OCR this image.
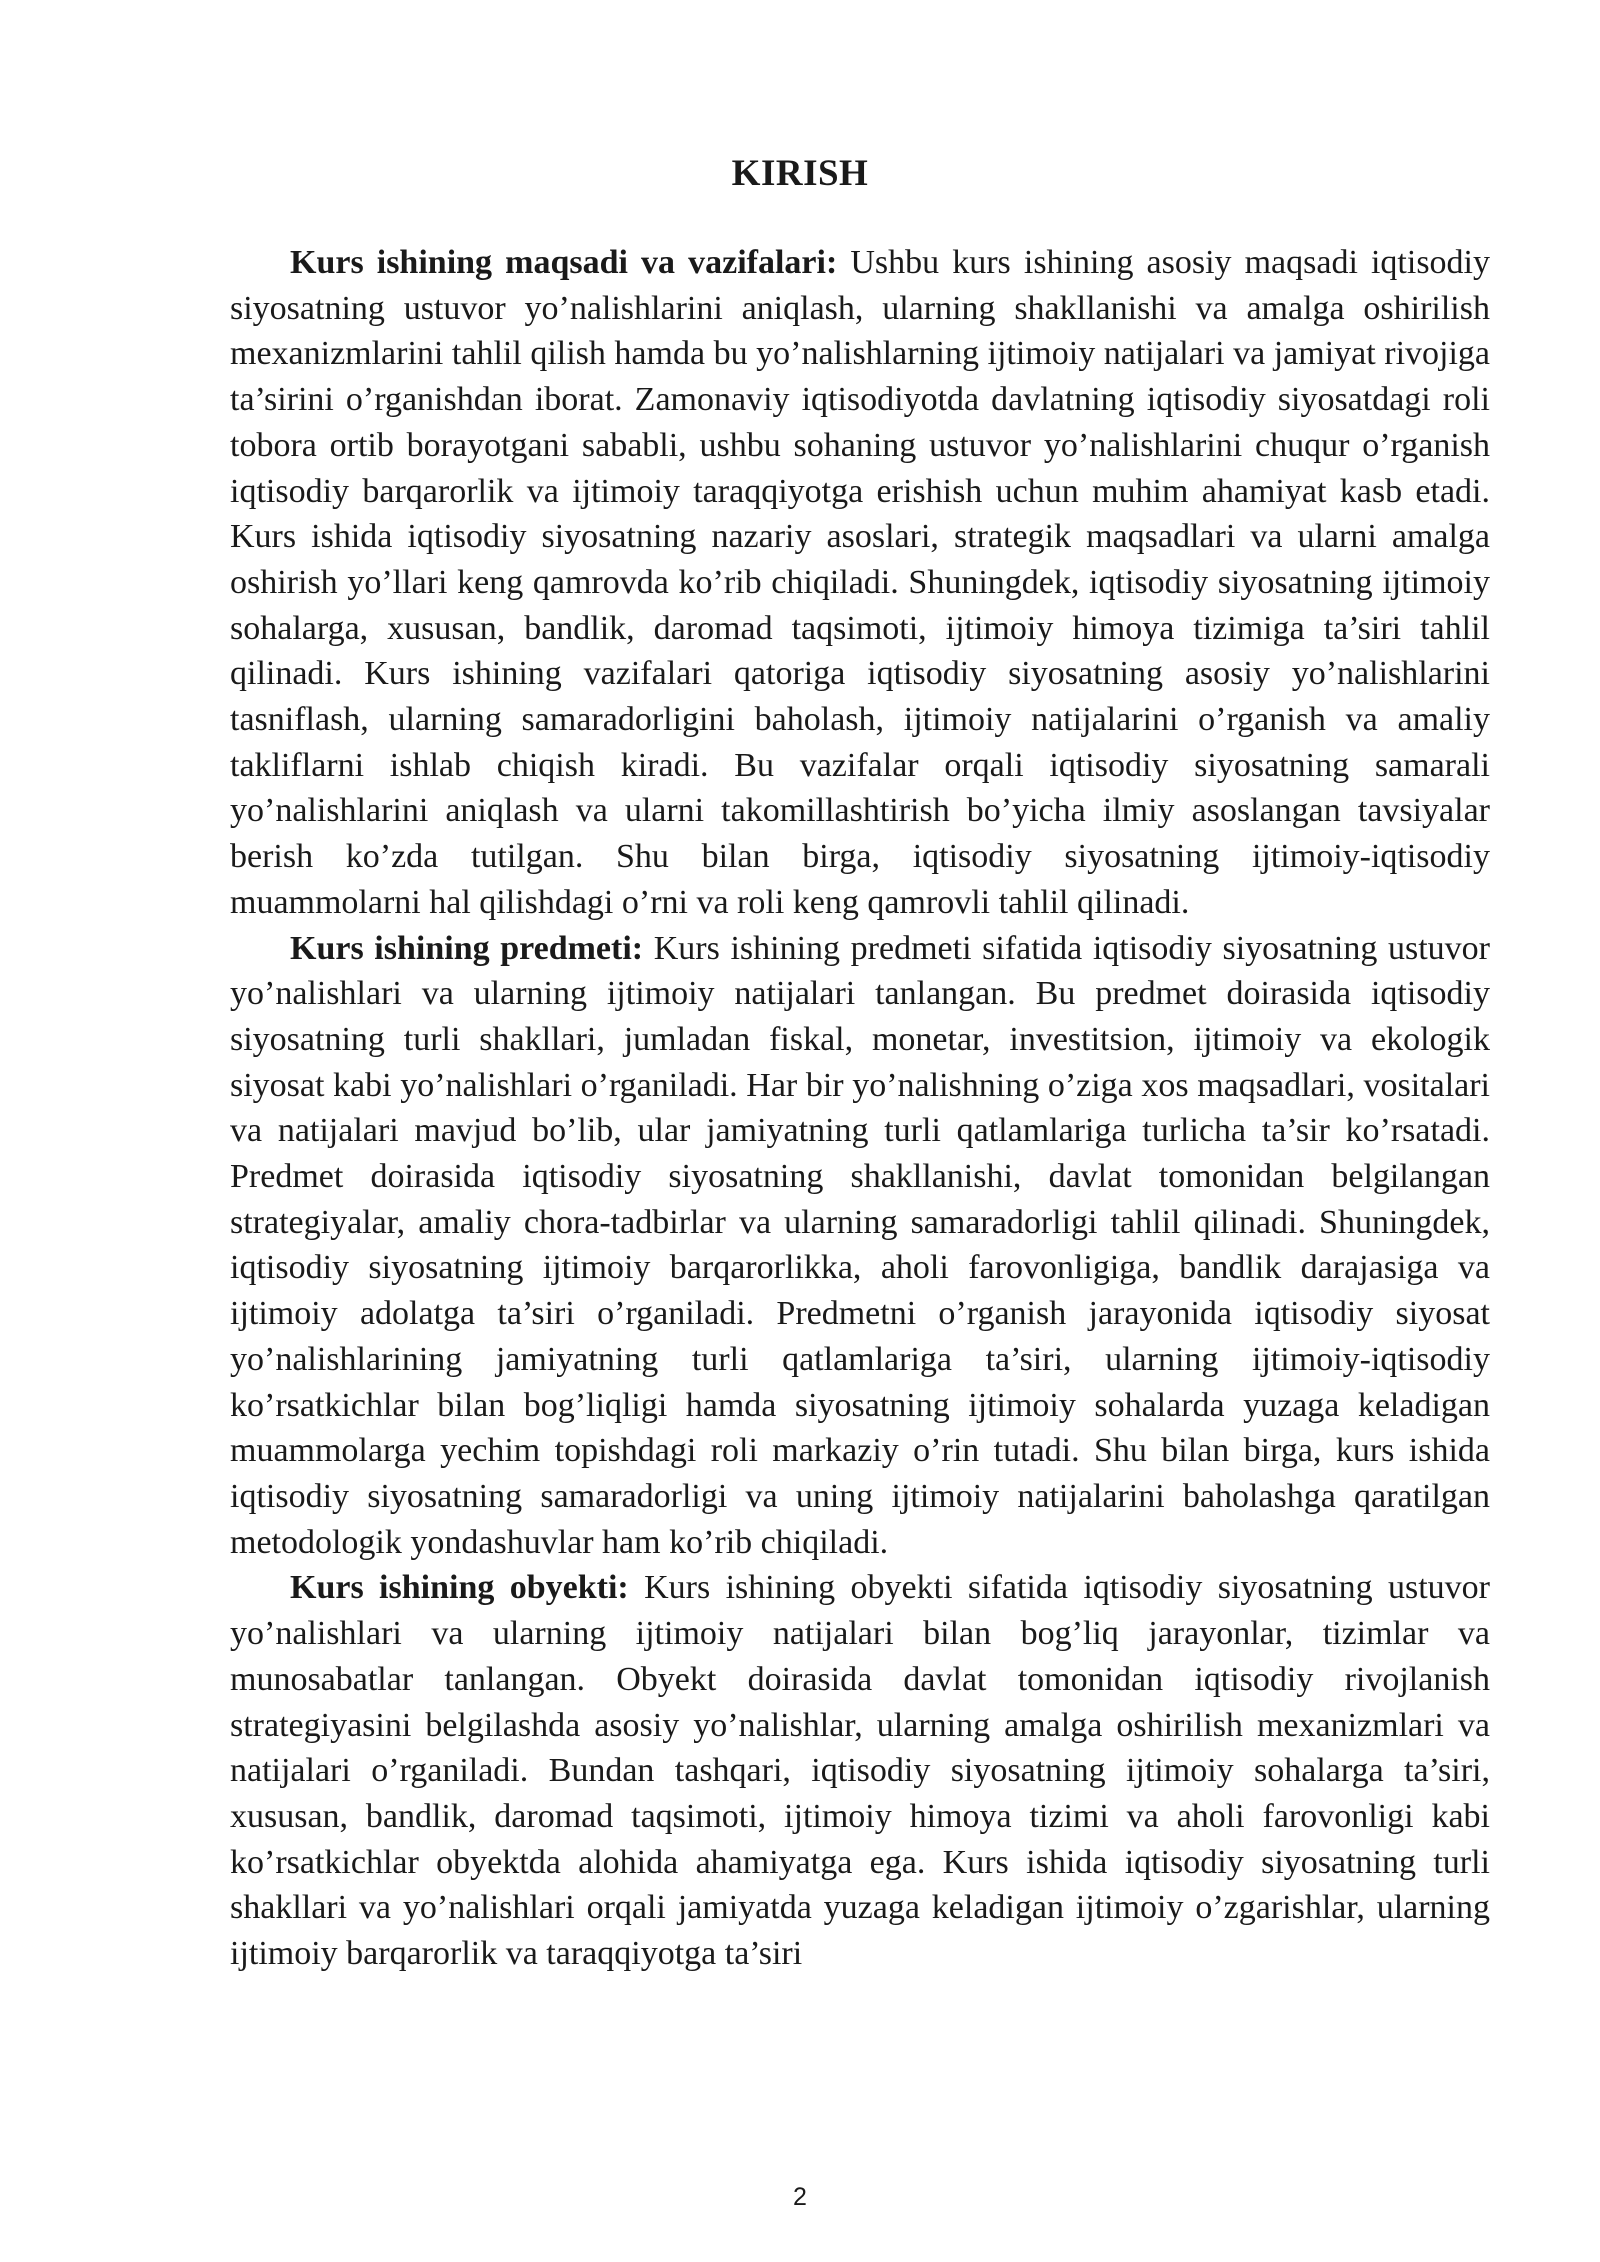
KIRISH

Kurs ishining maqsadi va vazifalari: Ushbu kurs ishining asosiy maqsadi iqtisodiy siyosatning ustuvor yo’nalishlarini aniqlash, ularning shakllanishi va amalga oshirilish mexanizmlarini tahlil qilish hamda bu yo’nalishlarning ijtimoiy natijalari va jamiyat rivojiga ta’sirini o’rganishdan iborat. Zamonaviy iqtisodiyotda davlatning iqtisodiy siyosatdagi roli tobora ortib borayotgani sababli, ushbu sohaning ustuvor yo’nalishlarini chuqur o’rganish iqtisodiy barqarorlik va ijtimoiy taraqqiyotga erishish uchun muhim ahamiyat kasb etadi. Kurs ishida iqtisodiy siyosatning nazariy asoslari, strategik maqsadlari va ularni amalga oshirish yo’llari keng qamrovda ko’rib chiqiladi. Shuningdek, iqtisodiy siyosatning ijtimoiy sohalarga, xususan, bandlik, daromad taqsimoti, ijtimoiy himoya tizimiga ta’siri tahlil qilinadi. Kurs ishining vazifalari qatoriga iqtisodiy siyosatning asosiy yo’nalishlarini tasniflash, ularning samaradorligini baholash, ijtimoiy natijalarini o’rganish va amaliy takliflarni ishlab chiqish kiradi. Bu vazifalar orqali iqtisodiy siyosatning samarali yo’nalishlarini aniqlash va ularni takomillashtirish bo’yicha ilmiy asoslangan tavsiyalar berish ko’zda tutilgan. Shu bilan birga, iqtisodiy siyosatning ijtimoiy-iqtisodiy muammolarni hal qilishdagi o’rni va roli keng qamrovli tahlil qilinadi.

Kurs ishining predmeti: Kurs ishining predmeti sifatida iqtisodiy siyosatning ustuvor yo’nalishlari va ularning ijtimoiy natijalari tanlangan. Bu predmet doirasida iqtisodiy siyosatning turli shakllari, jumladan fiskal, monetar, investitsion, ijtimoiy va ekologik siyosat kabi yo’nalishlari o’rganiladi. Har bir yo’nalishning o’ziga xos maqsadlari, vositalari va natijalari mavjud bo’lib, ular jamiyatning turli qatlamlariga turlicha ta’sir ko’rsatadi. Predmet doirasida iqtisodiy siyosatning shakllanishi, davlat tomonidan belgilangan strategiyalar, amaliy chora-tadbirlar va ularning samaradorligi tahlil qilinadi. Shuningdek, iqtisodiy siyosatning ijtimoiy barqarorlikka, aholi farovonligiga, bandlik darajasiga va ijtimoiy adolatga ta’siri o’rganiladi. Predmetni o’rganish jarayonida iqtisodiy siyosat yo’nalishlarining jamiyatning turli qatlamlariga ta’siri, ularning ijtimoiy-iqtisodiy ko’rsatkichlar bilan bog’liqligi hamda siyosatning ijtimoiy sohalarda yuzaga keladigan muammolarga yechim topishdagi roli markaziy o’rin tutadi. Shu bilan birga, kurs ishida iqtisodiy siyosatning samaradorligi va uning ijtimoiy natijalarini baholashga qaratilgan metodologik yondashuvlar ham ko’rib chiqiladi.

Kurs ishining obyekti: Kurs ishining obyekti sifatida iqtisodiy siyosatning ustuvor yo’nalishlari va ularning ijtimoiy natijalari bilan bog’liq jarayonlar, tizimlar va munosabatlar tanlangan. Obyekt doirasida davlat tomonidan iqtisodiy rivojlanish strategiyasini belgilashda asosiy yo’nalishlar, ularning amalga oshirilish mexanizmlari va natijalari o’rganiladi. Bundan tashqari, iqtisodiy siyosatning ijtimoiy sohalarga ta’siri, xususan, bandlik, daromad taqsimoti, ijtimoiy himoya tizimi va aholi farovonligi kabi ko’rsatkichlar obyektda alohida ahamiyatga ega. Kurs ishida iqtisodiy siyosatning turli shakllari va yo’nalishlari orqali jamiyatda yuzaga keladigan ijtimoiy o’zgarishlar, ularning ijtimoiy barqarorlik va taraqqiyotga ta’siri

2
